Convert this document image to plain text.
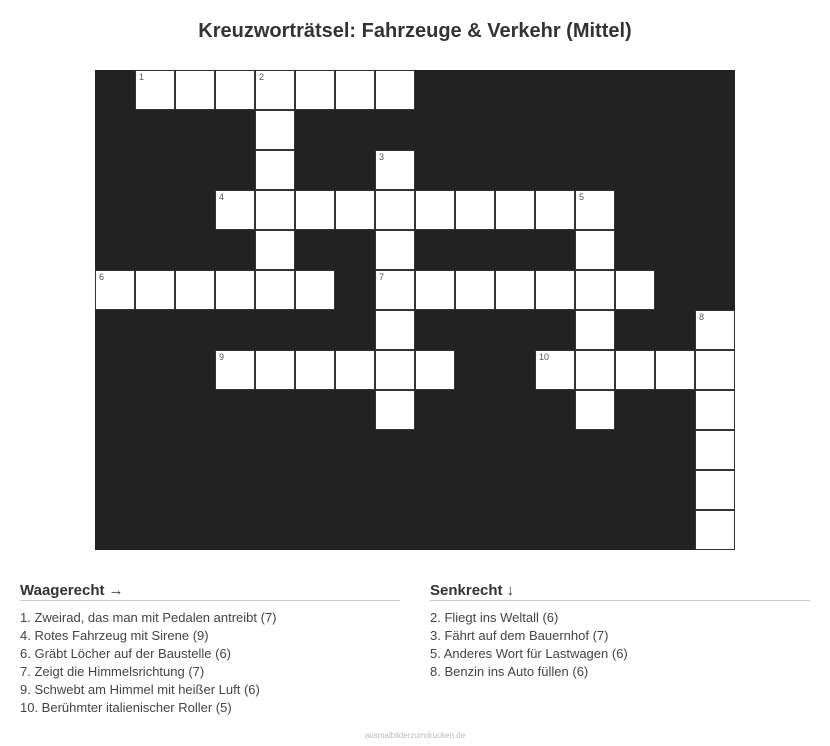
Kreuzworträtsel: Fahrzeuge & Verkehr (Mittel)
1	2
3
4	5
6	7
8
9	10
Waagerecht →
1. Zweirad, das man mit Pedalen antreibt (7)
4. Rotes Fahrzeug mit Sirene (9)
6. Gräbt Löcher auf der Baustelle (6)
7. Zeigt die Himmelsrichtung (7)
9. Schwebt am Himmel mit heißer Luft (6)
10. Berühmter italienischer Roller (5)
Senkrecht ↓
2. Fliegt ins Weltall (6)
3. Fährt auf dem Bauernhof (7)
5. Anderes Wort für Lastwagen (6)
8. Benzin ins Auto füllen (6)
ausmalbilderzumdrucken.de
